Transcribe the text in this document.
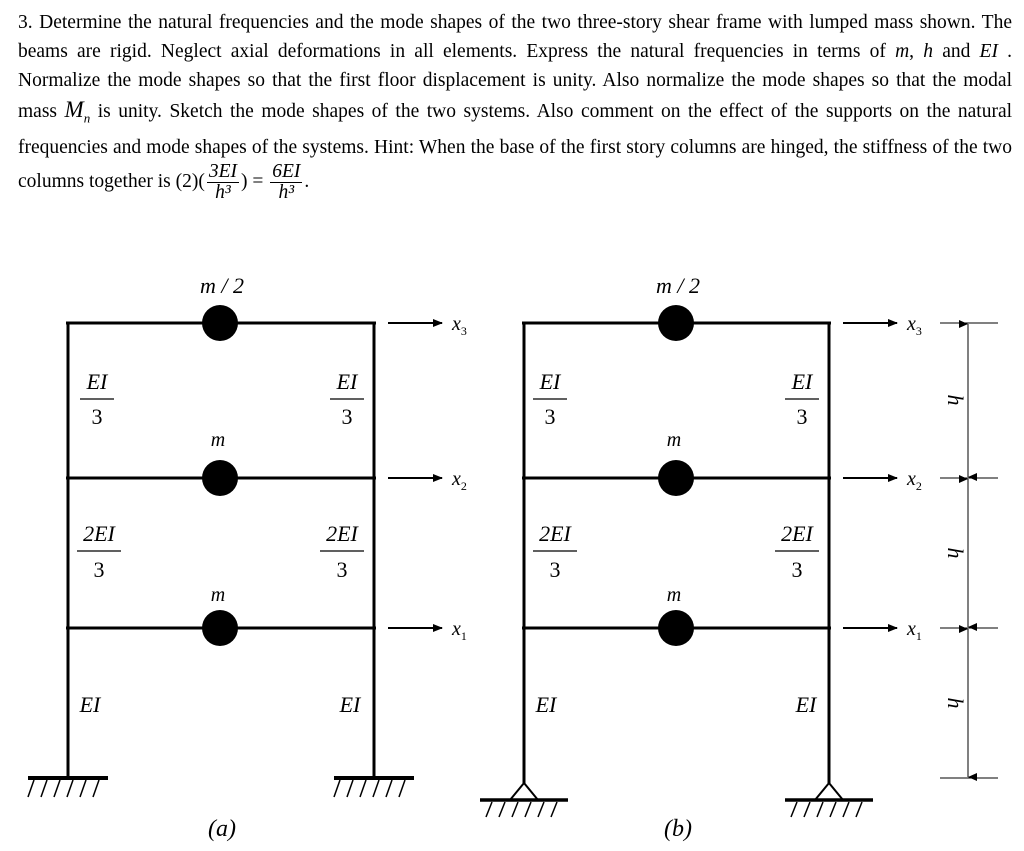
3. Determine the natural frequencies and the mode shapes of the two three-story shear frame with lumped mass shown. The beams are rigid. Neglect axial deformations in all elements. Express the natural frequencies in terms of m, h and EI . Normalize the mode shapes so that the first floor displacement is unity. Also normalize the mode shapes so that the modal mass $M_n$ is unity. Sketch the mode shapes of the two systems. Also comment on the effect of the supports on the natural frequencies and mode shapes of the systems. Hint: When the base of the first story columns are hinged, the stiffness of the two columns together is $(2)( \frac{3EI}{\text{h³}}$ ) = $\frac{6EI}{\text{h³}}$ .

m / 2
m
m
EI
3
EI
3
2EI
3
2EI
3
EI	EI
$x_3$
$x_2$
$x_1$
(a)
m / 2
m
m
EI
3
EI
3
2EI
3
2EI
3
EI	EI
$x_3$
$x_2$
$x_1$
(b)
h
h
h
